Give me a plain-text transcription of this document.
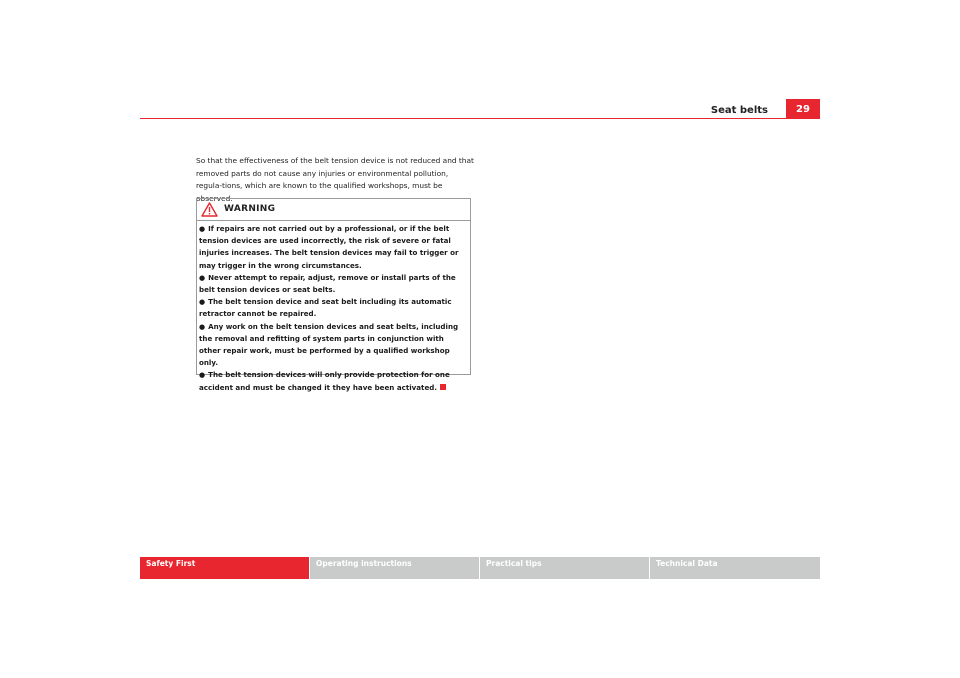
Seat belts	29

So that the effectiveness of the belt tension device is not reduced and that removed parts do not cause any injuries or environmental pollution, regula-tions, which are known to the qualified workshops, must be observed.

WARNING

● If repairs are not carried out by a professional, or if the belt tension devices are used incorrectly, the risk of severe or fatal injuries increases. The belt tension devices may fail to trigger or may trigger in the wrong circumstances.

● Never attempt to repair, adjust, remove or install parts of the belt tension devices or seat belts.

● The belt tension device and seat belt including its automatic retractor cannot be repaired.

● Any work on the belt tension devices and seat belts, including the removal and refitting of system parts in conjunction with other repair work, must be performed by a qualified workshop only.

● The belt tension devices will only provide protection for one accident and must be changed it they have been activated.

Safety First	Operating instructions	Practical tips	Technical Data
